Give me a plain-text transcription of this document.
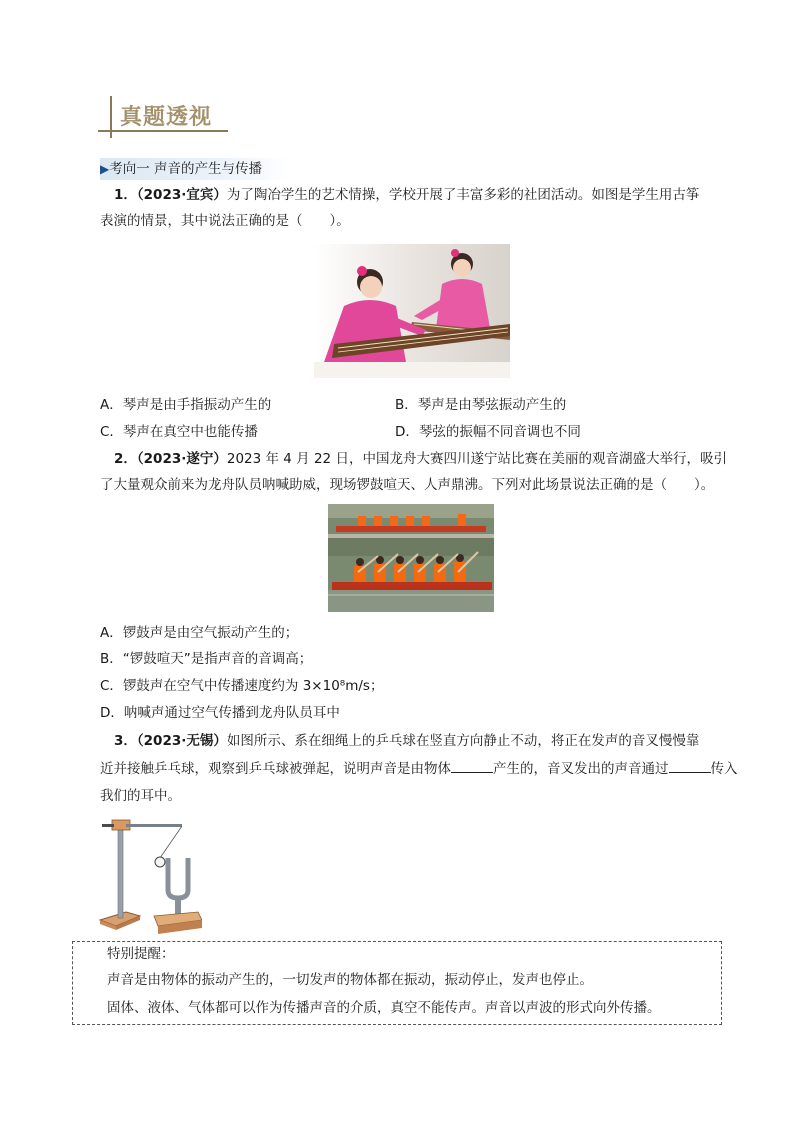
真题透视
▶考向一 声音的产生与传播
1．（2023·宜宾）为了陶冶学生的艺术情操，学校开展了丰富多彩的社团活动。如图是学生用古筝
表演的情景，其中说法正确的是（　　）。
A．琴声是由手指振动产生的	B．琴声是由琴弦振动产生的
C．琴声在真空中也能传播	D．琴弦的振幅不同音调也不同
2．（2023·遂宁）2023 年 4 月 22 日，中国龙舟大赛四川遂宁站比赛在美丽的观音湖盛大举行，吸引
了大量观众前来为龙舟队员呐喊助威，现场锣鼓喧天、人声鼎沸。下列对此场景说法正确的是（　　）。
A．锣鼓声是由空气振动产生的；
B．“锣鼓喧天”是指声音的音调高；
C．锣鼓声在空气中传播速度约为 3×10⁸m/s；
D．呐喊声通过空气传播到龙舟队员耳中
3．（2023·无锡）如图所示、系在细绳上的乒乓球在竖直方向静止不动，将正在发声的音叉慢慢靠
近并接触乒乓球，观察到乒乓球被弹起，说明声音是由物体	产生的，音叉发出的声音通过	传入
我们的耳中。
特别提醒：
声音是由物体的振动产生的，一切发声的物体都在振动，振动停止，发声也停止。
固体、液体、气体都可以作为传播声音的介质，真空不能传声。声音以声波的形式向外传播。
